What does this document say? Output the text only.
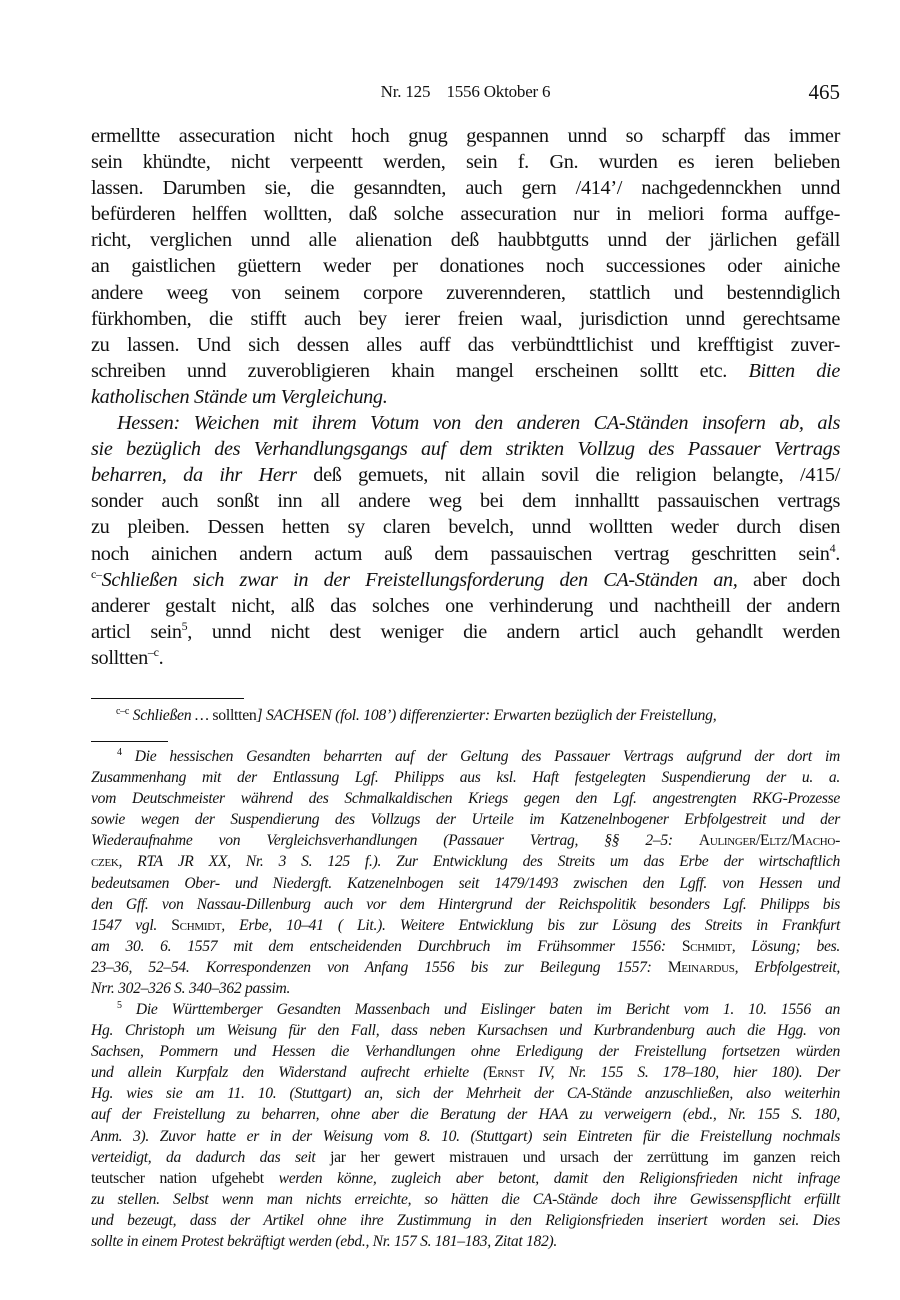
Nr. 125    1556 Oktober 6	465
ermelltte assecuration nicht hoch gnug gespannen unnd so scharpff das immer
sein khündte, nicht verpeentt werden, sein f. Gn. wurden es ieren belieben
lassen. Darumben sie, die gesanndten, auch gern /414’/ nachgedennckhen unnd
befürderen helffen wolltten, daß solche assecuration nur in meliori forma auffge-
richt, verglichen unnd alle alienation deß haubbtgutts unnd der järlichen gefäll
an gaistlichen güettern weder per donationes noch successiones oder ainiche
andere weeg von seinem corpore zuverennderen, stattlich und bestenndiglich
fürkhomben, die stifft auch bey ierer freien waal, jurisdiction unnd gerechtsame
zu lassen. Und sich dessen alles auff das verbündttlichist und krefftigist zuver-
schreiben unnd zuverobligieren khain mangel erscheinen solltt etc. Bitten die
katholischen Stände um Vergleichung.
Hessen: Weichen mit ihrem Votum von den anderen CA-Ständen insofern ab, als
sie bezüglich des Verhandlungsgangs auf dem strikten Vollzug des Passauer Vertrags
beharren, da ihr Herr deß gemuets, nit allain sovil die religion belangte, /415/
sonder auch sonßt inn all andere weg bei dem innhalltt passauischen vertrags
zu pleiben. Dessen hetten sy claren bevelch, unnd wolltten weder durch disen
noch ainichen andern actum auß dem passauischen vertrag geschritten sein$^4$.
$^{c-}$Schließen sich zwar in der Freistellungsforderung den CA-Ständen an, aber doch
anderer gestalt nicht, alß das solches one verhinderung und nachtheill der andern
articl sein$^5$, unnd nicht dest weniger die andern articl auch gehandlt werden
solltten$^{-c}$.
$^{c-c}$ Schließen … solltten] SACHSEN (fol. 108’) differenzierter: Erwarten bezüglich der Freistellung,
$^4$ Die hessischen Gesandten beharrten auf der Geltung des Passauer Vertrags aufgrund der dort im
Zusammenhang mit der Entlassung Lgf. Philipps aus ksl. Haft festgelegten Suspendierung der u. a.
vom Deutschmeister während des Schmalkaldischen Kriegs gegen den Lgf. angestrengten RKG-Prozesse
sowie wegen der Suspendierung des Vollzugs der Urteile im Katzenelnbogener Erbfolgestreit und der
Wiederaufnahme von Vergleichsverhandlungen (Passauer Vertrag, §§ 2–5: Aulinger/Eltz/Macho-
czek, RTA JR XX, Nr. 3 S. 125 f.). Zur Entwicklung des Streits um das Erbe der wirtschaftlich
bedeutsamen Ober- und Niedergft. Katzenelnbogen seit 1479/1493 zwischen den Lgff. von Hessen und
den Gff. von Nassau-Dillenburg auch vor dem Hintergrund der Reichspolitik besonders Lgf. Philipps bis
1547 vgl. Schmidt, Erbe, 10–41 ( Lit.). Weitere Entwicklung bis zur Lösung des Streits in Frankfurt
am 30. 6. 1557 mit dem entscheidenden Durchbruch im Frühsommer 1556: Schmidt, Lösung; bes.
23–36, 52–54. Korrespondenzen von Anfang 1556 bis zur Beilegung 1557: Meinardus, Erbfolgestreit,
Nrr. 302–326 S. 340–362 passim.
$^5$ Die Württemberger Gesandten Massenbach und Eislinger baten im Bericht vom 1. 10. 1556 an
Hg. Christoph um Weisung für den Fall, dass neben Kursachsen und Kurbrandenburg auch die Hgg. von
Sachsen, Pommern und Hessen die Verhandlungen ohne Erledigung der Freistellung fortsetzen würden
und allein Kurpfalz den Widerstand aufrecht erhielte (Ernst IV, Nr. 155 S. 178–180, hier 180). Der
Hg. wies sie am 11. 10. (Stuttgart) an, sich der Mehrheit der CA-Stände anzuschließen, also weiterhin
auf der Freistellung zu beharren, ohne aber die Beratung der HAA zu verweigern (ebd., Nr. 155 S. 180,
Anm. 3). Zuvor hatte er in der Weisung vom 8. 10. (Stuttgart) sein Eintreten für die Freistellung nochmals
verteidigt, da dadurch das seit jar her gewert mistrauen und ursach der zerrüttung im ganzen reich
teutscher nation ufgehebt werden könne, zugleich aber betont, damit den Religionsfrieden nicht infrage
zu stellen. Selbst wenn man nichts erreichte, so hätten die CA-Stände doch ihre Gewissenspflicht erfüllt
und bezeugt, dass der Artikel ohne ihre Zustimmung in den Religionsfrieden inseriert worden sei. Dies
sollte in einem Protest bekräftigt werden (ebd., Nr. 157 S. 181–183, Zitat 182).
